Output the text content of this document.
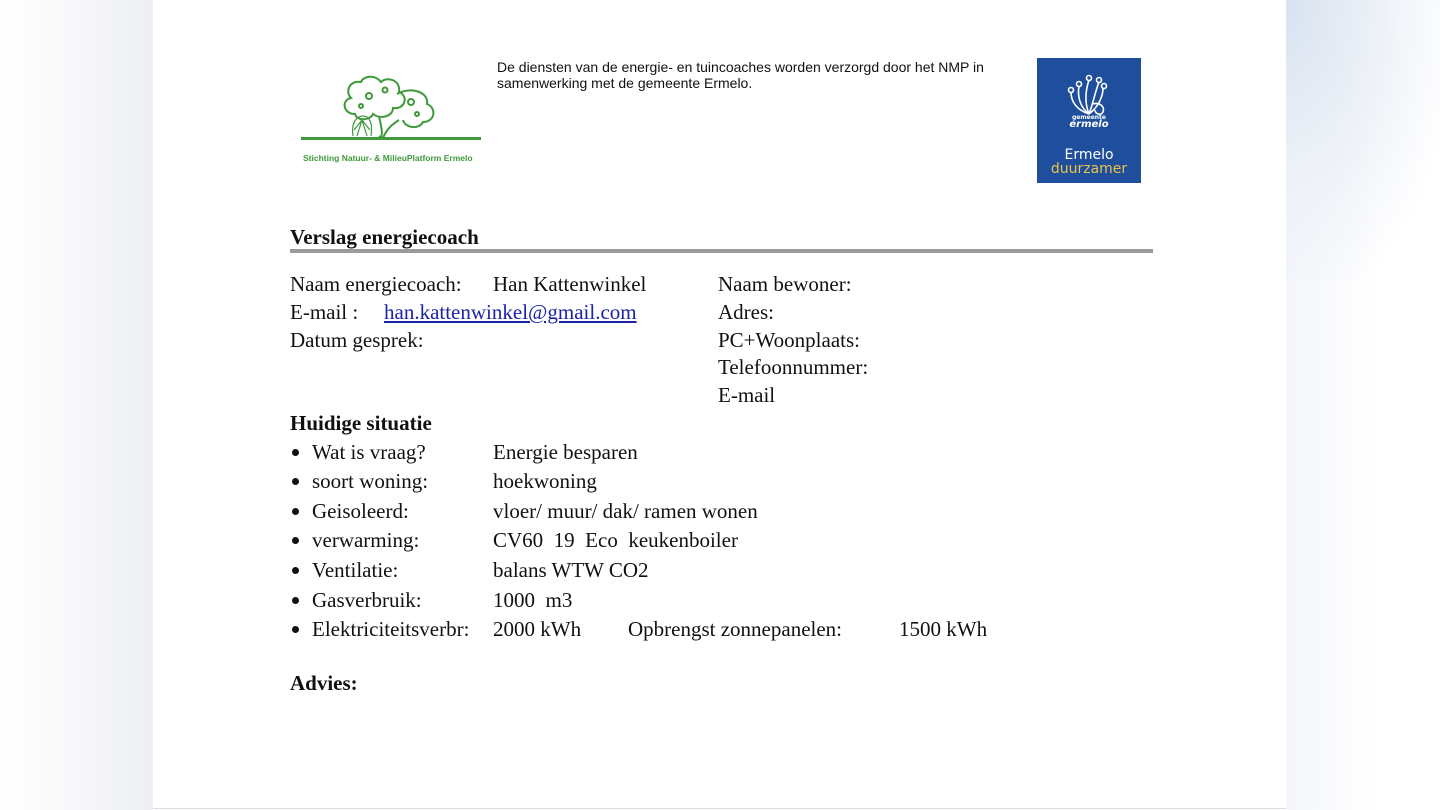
Stichting Natuur- & MilieuPlatform Ermelo
De diensten van de energie- en tuincoaches worden verzorgd door het NMP in
samenwerking met de gemeente Ermelo.
gemeente
ermelo
Ermelo
duurzamer
Verslag energiecoach
Naam energiecoach: Han Kattenwinkel
E-mail : han.kattenwinkel@gmail.com
Datum gesprek:
Naam bewoner:
Adres:
PC+Woonplaats:
Telefoonnummer:
E-mail
Huidige situatie
Wat is vraag?	Energie besparen
soort woning:	hoekwoning
Geisoleerd:	vloer/ muur/ dak/ ramen wonen
verwarming:	CV60  19  Eco  keukenboiler
Ventilatie:	balans WTW CO2
Gasverbruik:	1000  m3
Elektriciteitsverbr: 2000 kWh Opbrengst zonnepanelen:	1500 kWh
Advies:
